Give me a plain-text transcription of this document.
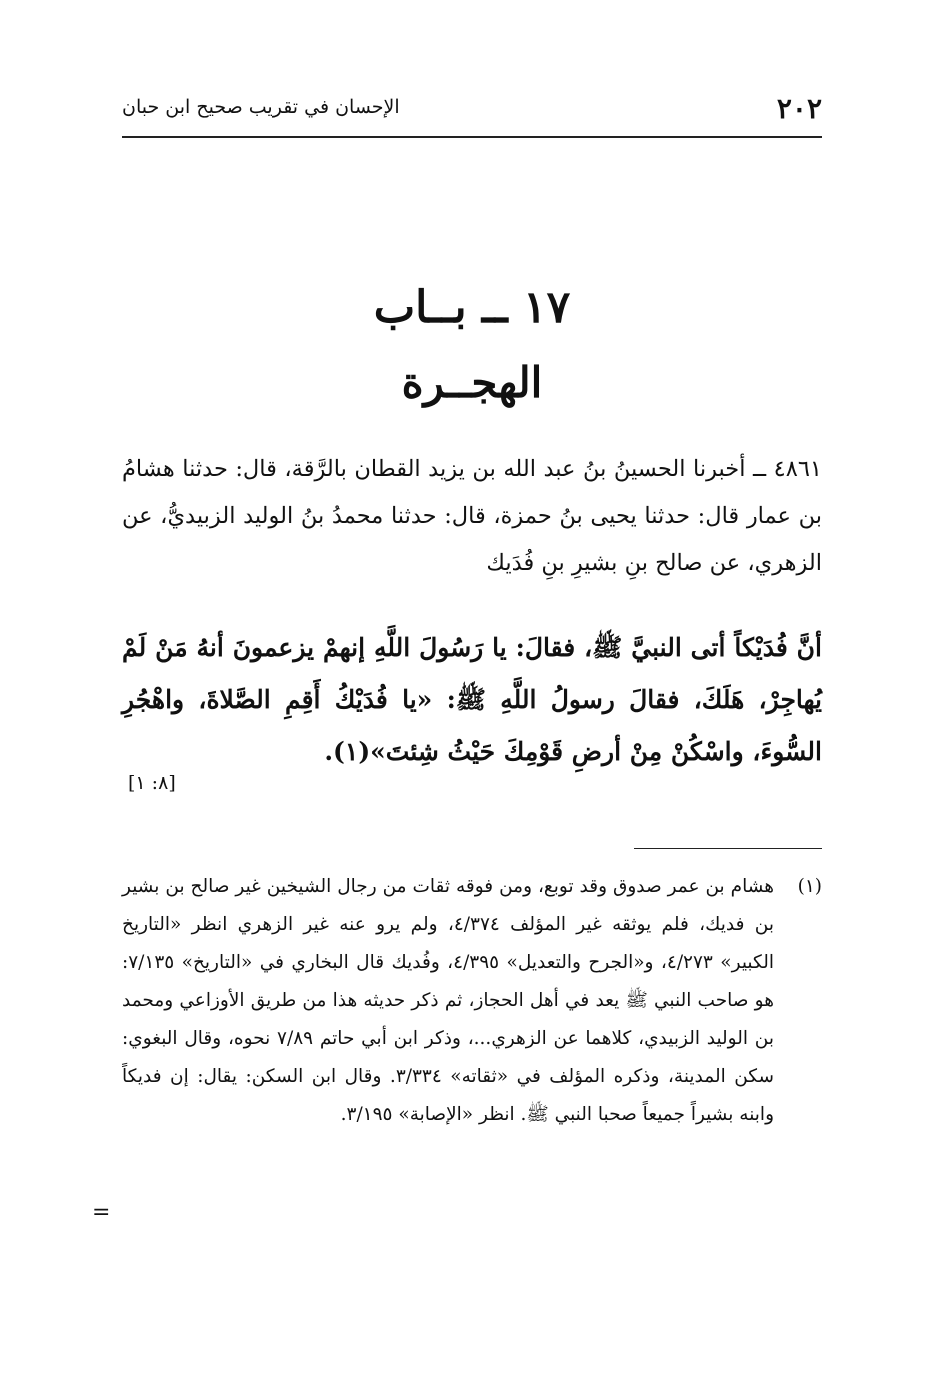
٢٠٢
الإحسان في تقريب صحيح ابن حبان
١٧ ــ بــاب
الهجــرة

٤٨٦١ ــ أخبرنا الحسينُ بنُ عبد الله بن يزيد القطان بالرَّقة، قال: حدثنا هشامُ بن عمار قال: حدثنا يحيى بنُ حمزة، قال: حدثنا محمدُ بنُ الوليد الزبيديُّ، عن الزهري، عن صالح بنِ بشيرِ بنِ فُدَيك

أنَّ فُدَيْكاً أتى النبيَّ ﷺ، فقالَ: يا رَسُولَ اللَّهِ إنهمْ يزعمونَ أنهُ مَنْ لَمْ يُهاجِرْ، هَلَكَ، فقالَ رسولُ اللَّهِ ﷺ: «يا فُدَيْكُ أَقِمِ الصَّلاةَ، واهْجُرِ السُّوءَ، واسْكُنْ مِنْ أرضِ قَوْمِكَ حَيْثُ شِئتَ»(١).

[٨: ١]
(١)
هشام بن عمر صدوق وقد توبع، ومن فوقه ثقات من رجال الشيخين غير صالح بن بشير بن فديك، فلم يوثقه غير المؤلف ٤/٣٧٤، ولم يرو عنه غير الزهري انظر «التاريخ الكبير» ٤/٢٧٣، و«الجرح والتعديل» ٤/٣٩٥، وفُديك قال البخاري في «التاريخ» ٧/١٣٥: هو صاحب النبي ﷺ يعد في أهل الحجاز، ثم ذكر حديثه هذا من طريق الأوزاعي ومحمد بن الوليد الزبيدي، كلاهما عن الزهري...، وذكر ابن أبي حاتم ٧/٨٩ نحوه، وقال البغوي: سكن المدينة، وذكره المؤلف في «ثقاته» ٣/٣٣٤. وقال ابن السكن: يقال: إن فديكاً وابنه بشيراً جميعاً صحبا النبي ﷺ. انظر «الإصابة» ٣/١٩٥.
=
